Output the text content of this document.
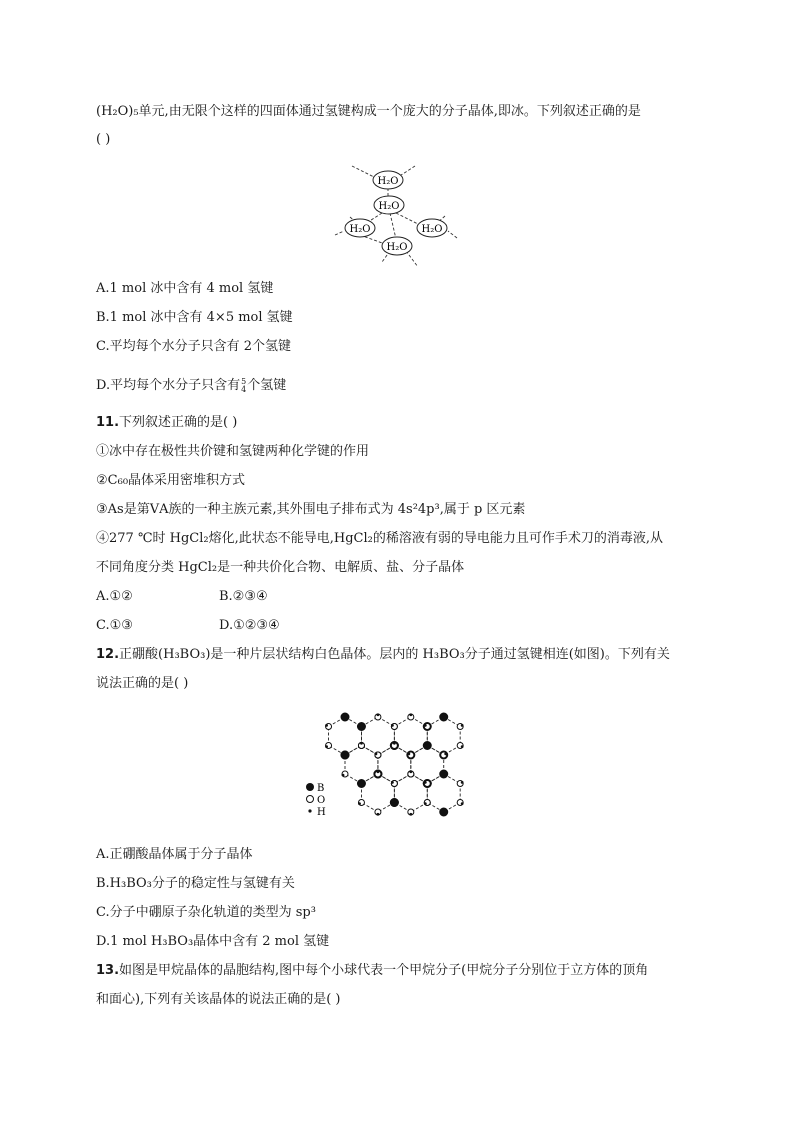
(H₂O)₅单元,由无限个这样的四面体通过氢键构成一个庞大的分子晶体,即冰。下列叙述正确的是
( )
H₂O
H₂O
H₂O	H₂O
H₂O
A.1 mol 冰中含有 4 mol 氢键
B.1 mol 冰中含有 4×5 mol 氢键
C.平均每个水分子只含有 2个氢键
D.平均每个水分子只含有 5
4 个氢键
11.下列叙述正确的是( )
①冰中存在极性共价键和氢键两种化学键的作用
②C₆₀晶体采用密堆积方式
③As是第ⅤA族的一种主族元素,其外围电子排布式为 4s²4p³,属于 p 区元素
④277 ℃时 HgCl₂熔化,此状态不能导电,HgCl₂的稀溶液有弱的导电能力且可作手术刀的消毒液,从
不同角度分类 HgCl₂是一种共价化合物、电解质、盐、分子晶体
A.①②	B.②③④
C.①③	D.①②③④
12.正硼酸(H₃BO₃)是一种片层状结构白色晶体。层内的 H₃BO₃分子通过氢键相连(如图)。下列有关
说法正确的是( )
B
O
H
A.正硼酸晶体属于分子晶体
B.H₃BO₃分子的稳定性与氢键有关
C.分子中硼原子杂化轨道的类型为 sp³
D.1 mol H₃BO₃晶体中含有 2 mol 氢键
13.如图是甲烷晶体的晶胞结构,图中每个小球代表一个甲烷分子(甲烷分子分别位于立方体的顶角
和面心),下列有关该晶体的说法正确的是( )
